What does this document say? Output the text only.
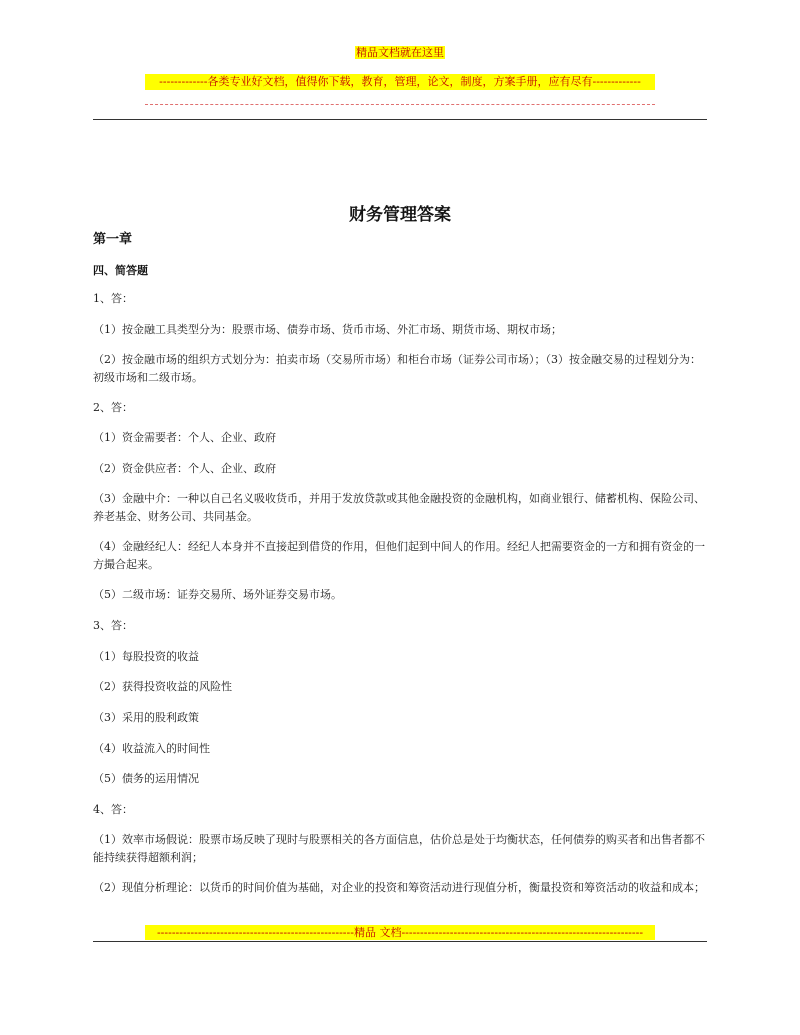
精品文档就在这里
-------------各类专业好文档，值得你下载，教育，管理，论文，制度，方案手册，应有尽有-------------
财务管理答案
第一章
四、简答题
1、答：
（1）按金融工具类型分为：股票市场、债券市场、货币市场、外汇市场、期货市场、期权市场；
（2）按金融市场的组织方式划分为：拍卖市场（交易所市场）和柜台市场（证券公司市场）；（3）按金融交易的过程划分为：初级市场和二级市场。
2、答：
（1）资金需要者：个人、企业、政府
（2）资金供应者：个人、企业、政府
（3）金融中介：一种以自己名义吸收货币，并用于发放贷款或其他金融投资的金融机构，如商业银行、储蓄机构、保险公司、养老基金、财务公司、共同基金。
（4）金融经纪人：经纪人本身并不直接起到借贷的作用，但他们起到中间人的作用。经纪人把需要资金的一方和拥有资金的一方撮合起来。
（5）二级市场：证券交易所、场外证券交易市场。
3、答：
（1）每股投资的收益
（2）获得投资收益的风险性
（3）采用的股利政策
（4）收益流入的时间性
（5）债务的运用情况
4、答：
（1）效率市场假说：股票市场反映了现时与股票相关的各方面信息，估价总是处于均衡状态，任何债券的购买者和出售者都不能持续获得超额利润；
（2）现值分析理论：以货币的时间价值为基础，对企业的投资和筹资活动进行现值分析，衡量投资和筹资活动的收益和成本；
-----------------------------------------------------精品 文档-----------------------------------------------------------------
